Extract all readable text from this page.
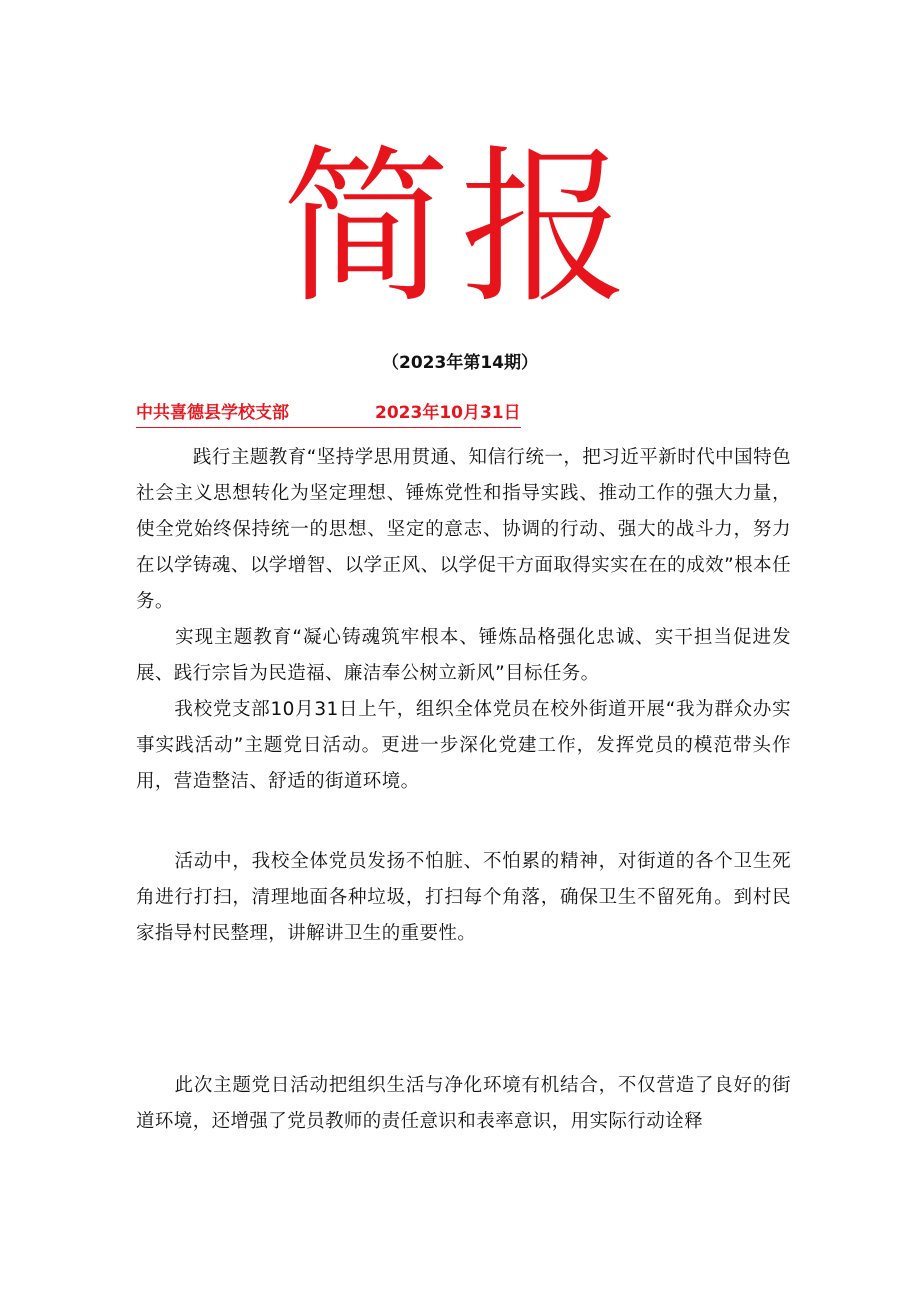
简报
（2023年第14期）
中共喜德县学校支部	2023年10月31日

　　　践行主题教育“坚持学思用贯通、知信行统一，把习近平新时代中国特色社会主义思想转化为坚定理想、锤炼党性和指导实践、推动工作的强大力量，使全党始终保持统一的思想、坚定的意志、协调的行动、强大的战斗力，努力在以学铸魂、以学增智、以学正风、以学促干方面取得实实在在的成效”根本任务。

　　实现主题教育“凝心铸魂筑牢根本、锤炼品格强化忠诚、实干担当促进发展、践行宗旨为民造福、廉洁奉公树立新风”目标任务。

　　我校党支部10月31日上午，组织全体党员在校外街道开展“我为群众办实事实践活动”主题党日活动。更进一步深化党建工作，发挥党员的模范带头作用，营造整洁、舒适的街道环境。

　　活动中，我校全体党员发扬不怕脏、不怕累的精神，对街道的各个卫生死角进行打扫，清理地面各种垃圾，打扫每个角落，确保卫生不留死角。到村民家指导村民整理，讲解讲卫生的重要性。

　　此次主题党日活动把组织生活与净化环境有机结合，不仅营造了良好的街道环境，还增强了党员教师的责任意识和表率意识，用实际行动诠释
